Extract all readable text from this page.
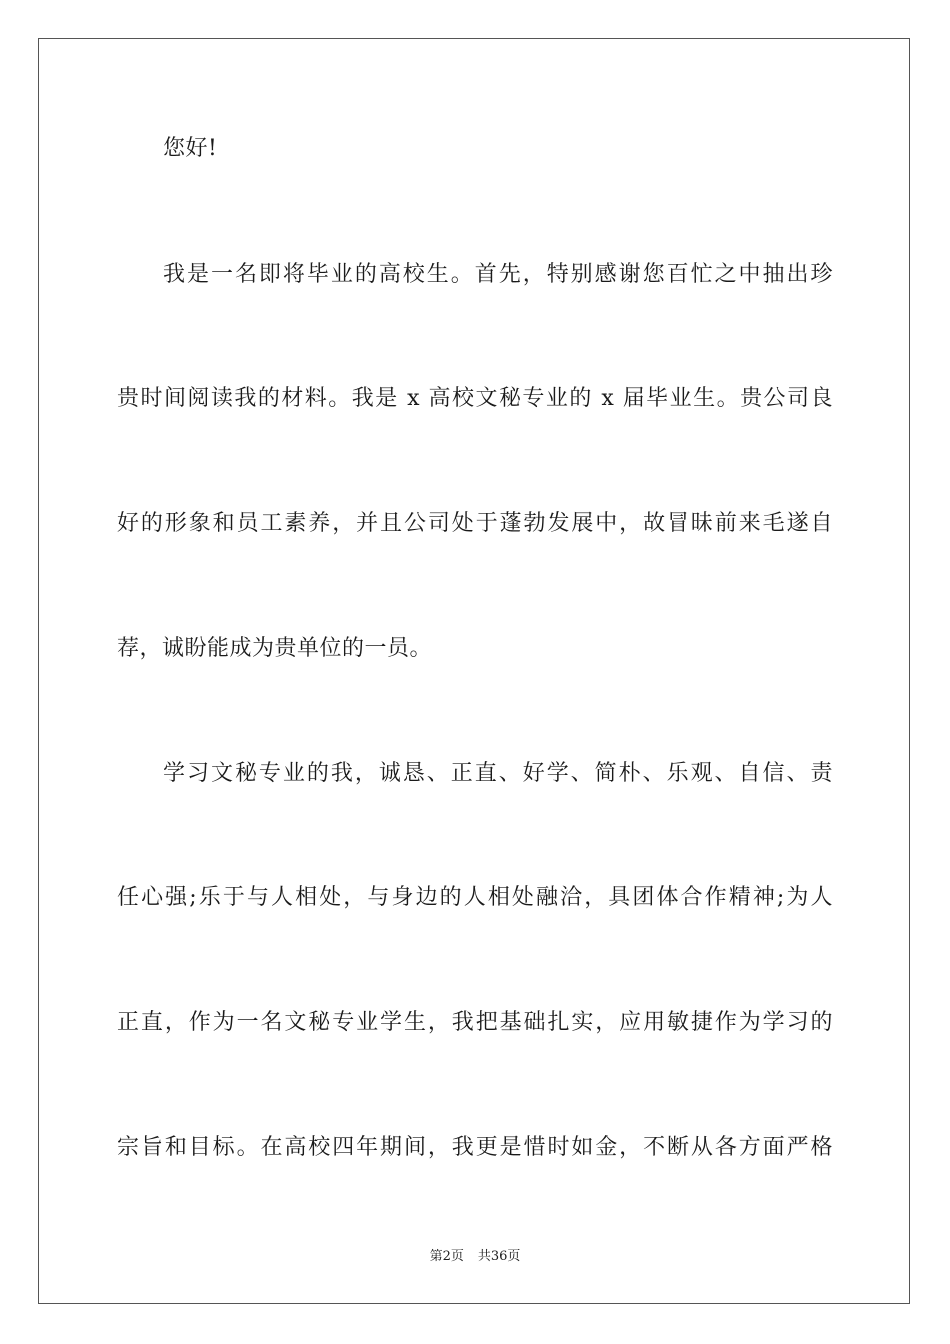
您好!
我是一名即将毕业的高校生。首先，特别感谢您百忙之中抽出珍
贵时间阅读我的材料。我是 x 高校文秘专业的 x 届毕业生。贵公司良
好的形象和员工素养，并且公司处于蓬勃发展中，故冒昧前来毛遂自
荐，诚盼能成为贵单位的一员。
学习文秘专业的我，诚恳、正直、好学、简朴、乐观、自信、责
任心强;乐于与人相处，与身边的人相处融洽，具团体合作精神;为人
正直，作为一名文秘专业学生，我把基础扎实，应用敏捷作为学习的
宗旨和目标。在高校四年期间，我更是惜时如金，不断从各方面严格
第2页 共36页
